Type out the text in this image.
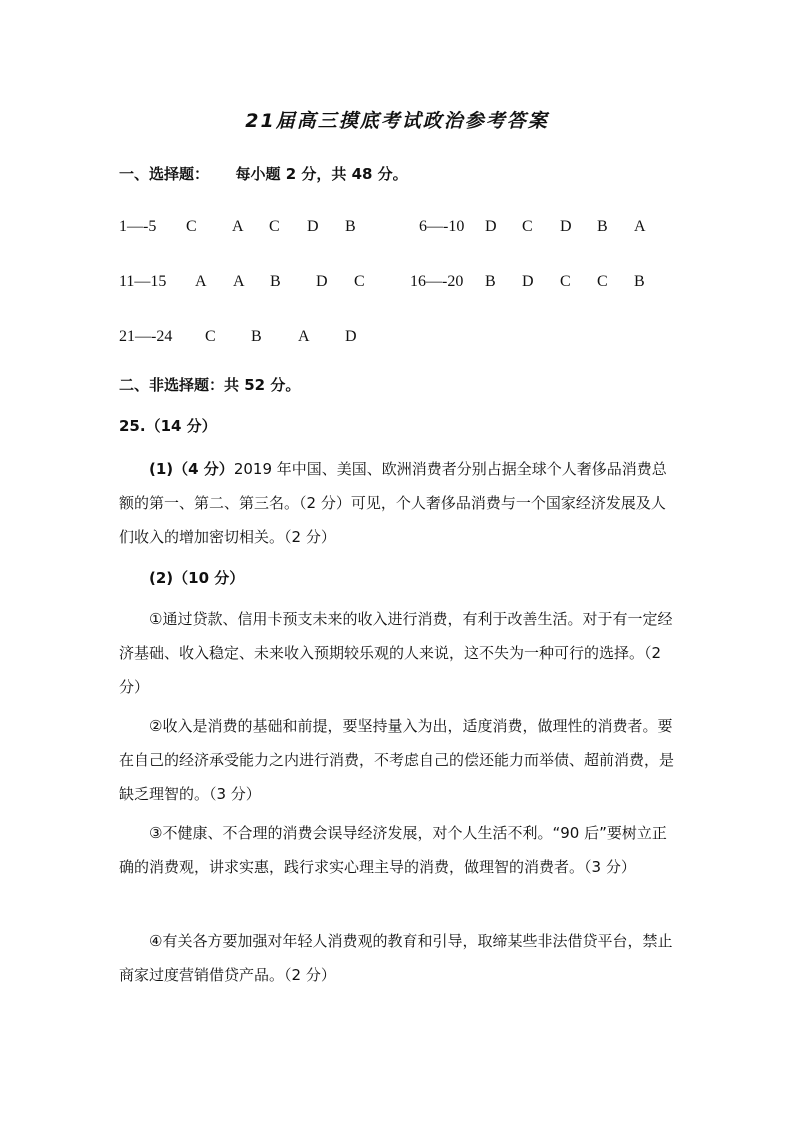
21届高三摸底考试政治参考答案
一、选择题： 每小题 2 分，共 48 分。
1—-5 C A C D B	6—-10 D C D B A
11—15 A A B D C	16—-20 B D C C B
21—-24 C B A D
二、非选择题：共 52 分。
25.（14 分）
(1)（4 分）2019 年中国、美国、欧洲消费者分别占据全球个人奢侈品消费总额的第一、第二、第三名。（2 分）可见，个人奢侈品消费与一个国家经济发展及人们收入的增加密切相关。（2 分）
(2)（10 分）
①通过贷款、信用卡预支未来的收入进行消费，有利于改善生活。对于有一定经济基础、收入稳定、未来收入预期较乐观的人来说，这不失为一种可行的选择。（2 分）
②收入是消费的基础和前提，要坚持量入为出，适度消费，做理性的消费者。要在自己的经济承受能力之内进行消费，不考虑自己的偿还能力而举债、超前消费，是缺乏理智的。（3 分）
③不健康、不合理的消费会误导经济发展，对个人生活不利。“90 后”要树立正确的消费观，讲求实惠，践行求实心理主导的消费，做理智的消费者。（3 分）
④有关各方要加强对年轻人消费观的教育和引导，取缔某些非法借贷平台，禁止商家过度营销借贷产品。（2 分）
